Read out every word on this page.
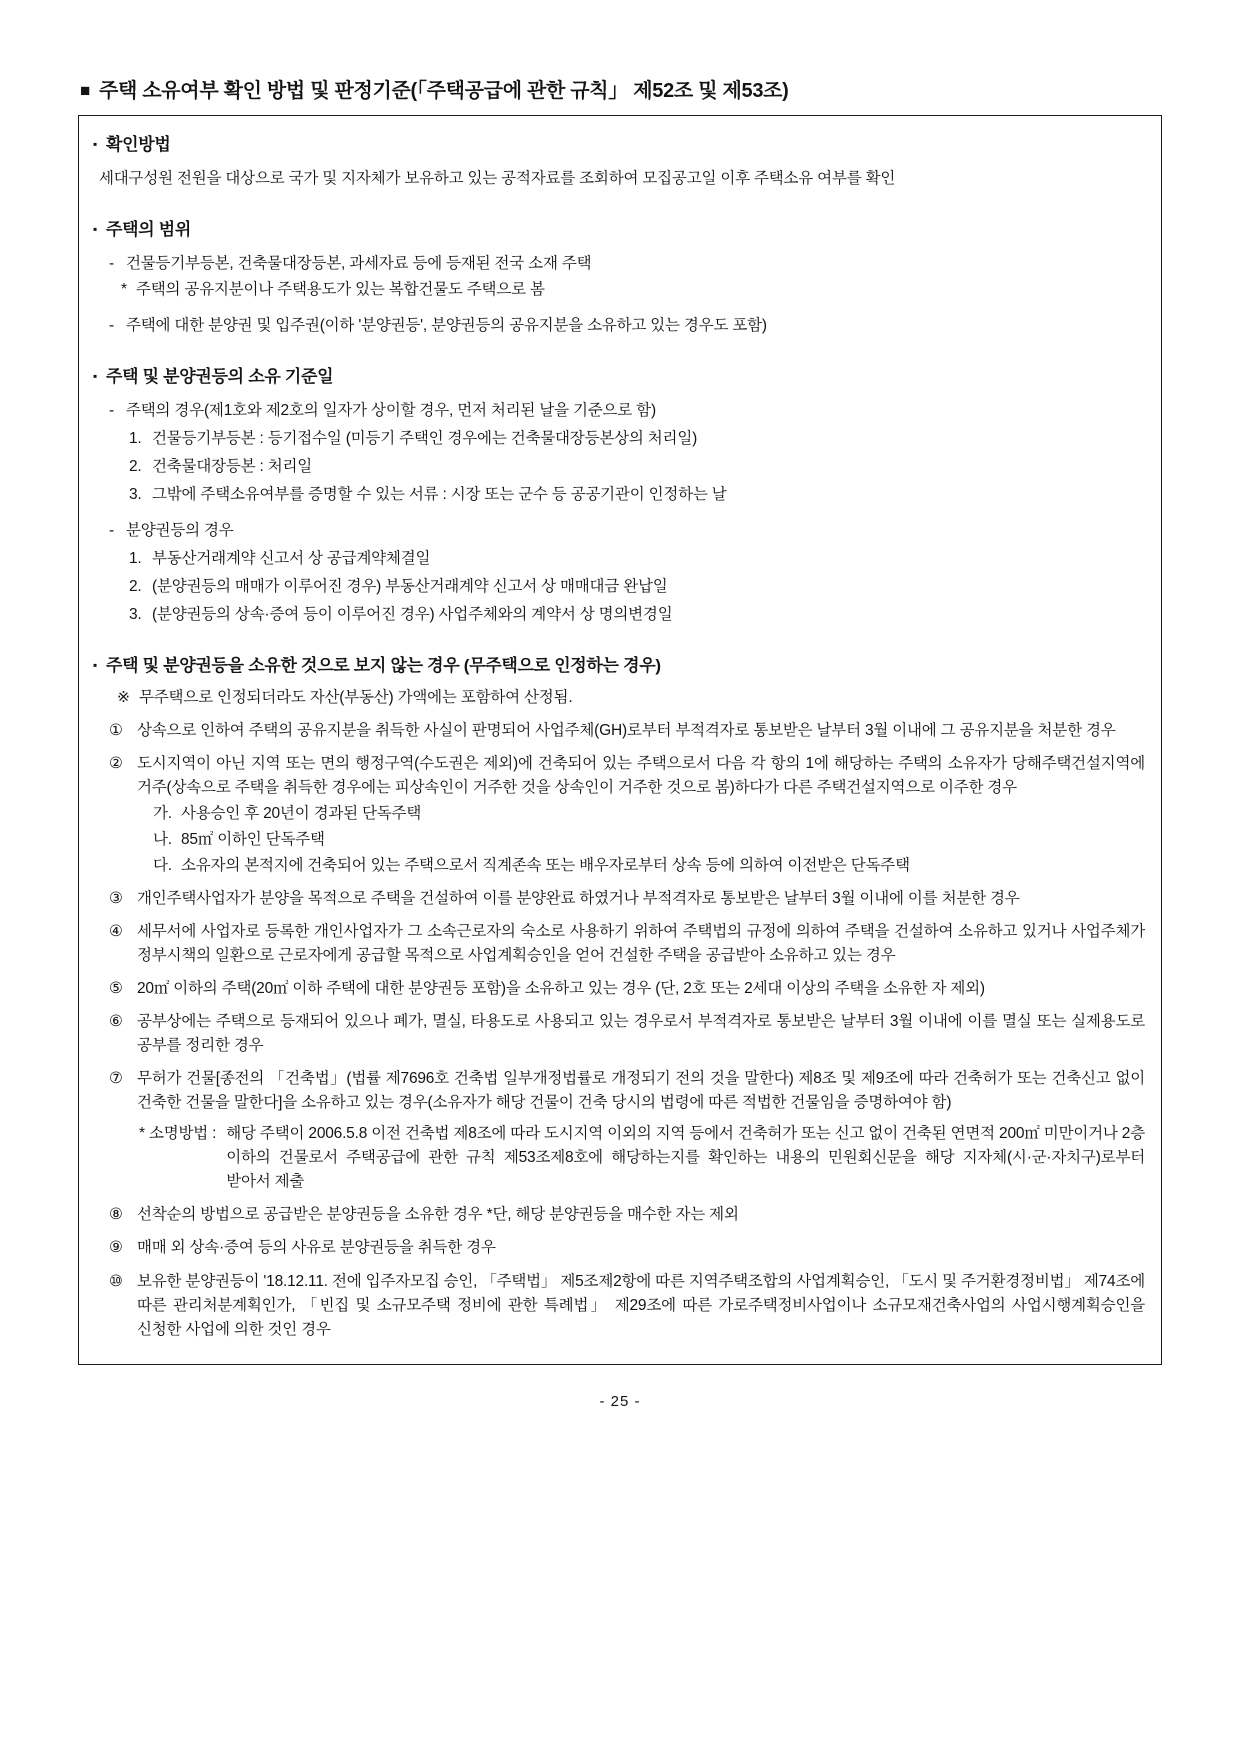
■ 주택 소유여부 확인 방법 및 판정기준(「주택공급에 관한 규칙」 제52조 및 제53조)
▪ 확인방법
세대구성원 전원을 대상으로 국가 및 지자체가 보유하고 있는 공적자료를 조회하여 모집공고일 이후 주택소유 여부를 확인
▪ 주택의 범위
- 건물등기부등본, 건축물대장등본, 과세자료 등에 등재된 전국 소재 주택
* 주택의 공유지분이나 주택용도가 있는 복합건물도 주택으로 봄
- 주택에 대한 분양권 및 입주권(이하 '분양권등', 분양권등의 공유지분을 소유하고 있는 경우도 포함)
▪ 주택 및 분양권등의 소유 기준일
- 주택의 경우(제1호와 제2호의 일자가 상이할 경우, 먼저 처리된 날을 기준으로 함)
1. 건물등기부등본 : 등기접수일 (미등기 주택인 경우에는 건축물대장등본상의 처리일)
2. 건축물대장등본 : 처리일
3. 그밖에 주택소유여부를 증명할 수 있는 서류 : 시장 또는 군수 등 공공기관이 인정하는 날
- 분양권등의 경우
1. 부동산거래계약 신고서 상 공급계약체결일
2. (분양권등의 매매가 이루어진 경우) 부동산거래계약 신고서 상 매매대금 완납일
3. (분양권등의 상속·증여 등이 이루어진 경우) 사업주체와의 계약서 상 명의변경일
▪ 주택 및 분양권등을 소유한 것으로 보지 않는 경우 (무주택으로 인정하는 경우)
※ 무주택으로 인정되더라도 자산(부동산) 가액에는 포함하여 산정됨.
① 상속으로 인하여 주택의 공유지분을 취득한 사실이 판명되어 사업주체(GH)로부터 부적격자로 통보받은 날부터 3월 이내에 그 공유지분을 처분한 경우
② 도시지역이 아닌 지역 또는 면의 행정구역(수도권은 제외)에 건축되어 있는 주택으로서 다음 각 항의 1에 해당하는 주택의 소유자가 당해주택건설지역에 거주(상속으로 주택을 취득한 경우에는 피상속인이 거주한 것을 상속인이 거주한 것으로 봄)하다가 다른 주택건설지역으로 이주한 경우
가. 사용승인 후 20년이 경과된 단독주택
나. 85㎡ 이하인 단독주택
다. 소유자의 본적지에 건축되어 있는 주택으로서 직계존속 또는 배우자로부터 상속 등에 의하여 이전받은 단독주택
③ 개인주택사업자가 분양을 목적으로 주택을 건설하여 이를 분양완료 하였거나 부적격자로 통보받은 날부터 3월 이내에 이를 처분한 경우
④ 세무서에 사업자로 등록한 개인사업자가 그 소속근로자의 숙소로 사용하기 위하여 주택법의 규정에 의하여 주택을 건설하여 소유하고 있거나 사업주체가 정부시책의 일환으로 근로자에게 공급할 목적으로 사업계획승인을 얻어 건설한 주택을 공급받아 소유하고 있는 경우
⑤ 20㎡ 이하의 주택(20㎡ 이하 주택에 대한 분양권등 포함)을 소유하고 있는 경우 (단, 2호 또는 2세대 이상의 주택을 소유한 자 제외)
⑥ 공부상에는 주택으로 등재되어 있으나 폐가, 멸실, 타용도로 사용되고 있는 경우로서 부적격자로 통보받은 날부터 3월 이내에 이를 멸실 또는 실제용도로 공부를 정리한 경우
⑦ 무허가 건물[종전의 「건축법」(법률 제7696호 건축법 일부개정법률로 개정되기 전의 것을 말한다) 제8조 및 제9조에 따라 건축허가 또는 건축신고 없이 건축한 건물을 말한다]을 소유하고 있는 경우(소유자가 해당 건물이 건축 당시의 법령에 따른 적법한 건물임을 증명하여야 함)
* 소명방법 : 해당 주택이 2006.5.8 이전 건축법 제8조에 따라 도시지역 이외의 지역 등에서 건축허가 또는 신고 없이 건축된 연면적 200㎡ 미만이거나 2층 이하의 건물로서 주택공급에 관한 규칙 제53조제8호에 해당하는지를 확인하는 내용의 민원회신문을 해당 지자체(시·군·자치구)로부터 받아서 제출
⑧ 선착순의 방법으로 공급받은 분양권등을 소유한 경우 *단, 해당 분양권등을 매수한 자는 제외
⑨ 매매 외 상속·증여 등의 사유로 분양권등을 취득한 경우
⑩ 보유한 분양권등이 '18.12.11. 전에 입주자모집 승인, 「주택법」 제5조제2항에 따른 지역주택조합의 사업계획승인, 「도시 및 주거환경정비법」 제74조에 따른 관리처분계획인가, 「빈집 및 소규모주택 정비에 관한 특례법」 제29조에 따른 가로주택정비사업이나 소규모재건축사업의 사업시행계획승인을 신청한 사업에 의한 것인 경우
- 25 -
